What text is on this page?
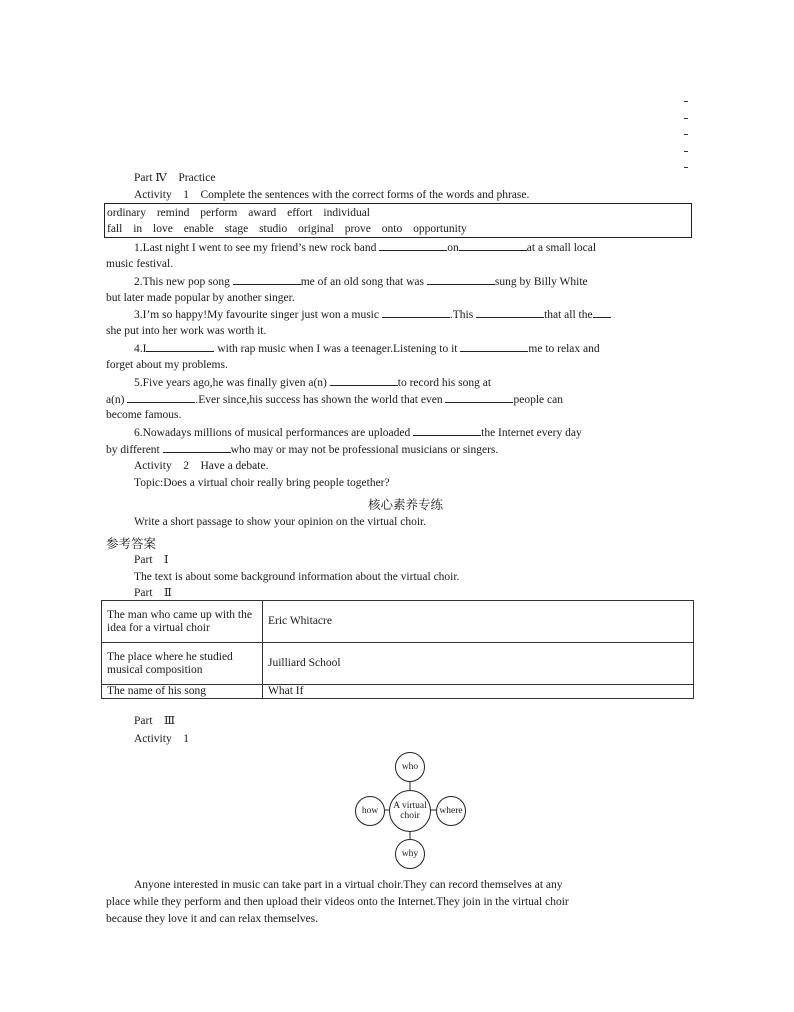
Part Ⅳ　Practice
Activity　1　Complete the sentences with the correct forms of the words and phrase.
ordinary remind perform award effort individual
fall in love enable stage studio original prove onto opportunity
1.Last night I went to see my friend’s new rock band	on	at a small local
music festival.
2.This new pop song	me of an old song that was	sung by Billy White
but later made popular by another singer.
3.I’m so happy!My favourite singer just won a music	.This	that all the
she put into her work was worth it.
4.I	with rap music when I was a teenager.Listening to it	me to relax and
forget about my problems.
5.Five years ago,he was finally given a(n)	to record his song at
a(n)	.Ever since,his success has shown the world that even	people can
become famous.
6.Nowadays millions of musical performances are uploaded	the Internet every day
by different	who may or may not be professional musicians or singers.
Activity　2　Have a debate.
Topic:Does a virtual choir really bring people together?
核心素养专练
Write a short passage to show your opinion on the virtual choir.
参考答案
Part　Ⅰ
The text is about some background information about the virtual choir.
Part　Ⅱ
The man who came up with the idea for a virtual choir	Eric Whitacre
The place where he studied musical composition	Juilliard School
The name of his song	What If
Part　Ⅲ
Activity　1
who
A virtual choir
how	where
why
Anyone interested in music can take part in a virtual choir.They can record themselves at any
place while they perform and then upload their videos onto the Internet.They join in the virtual choir
because they love it and can relax themselves.
